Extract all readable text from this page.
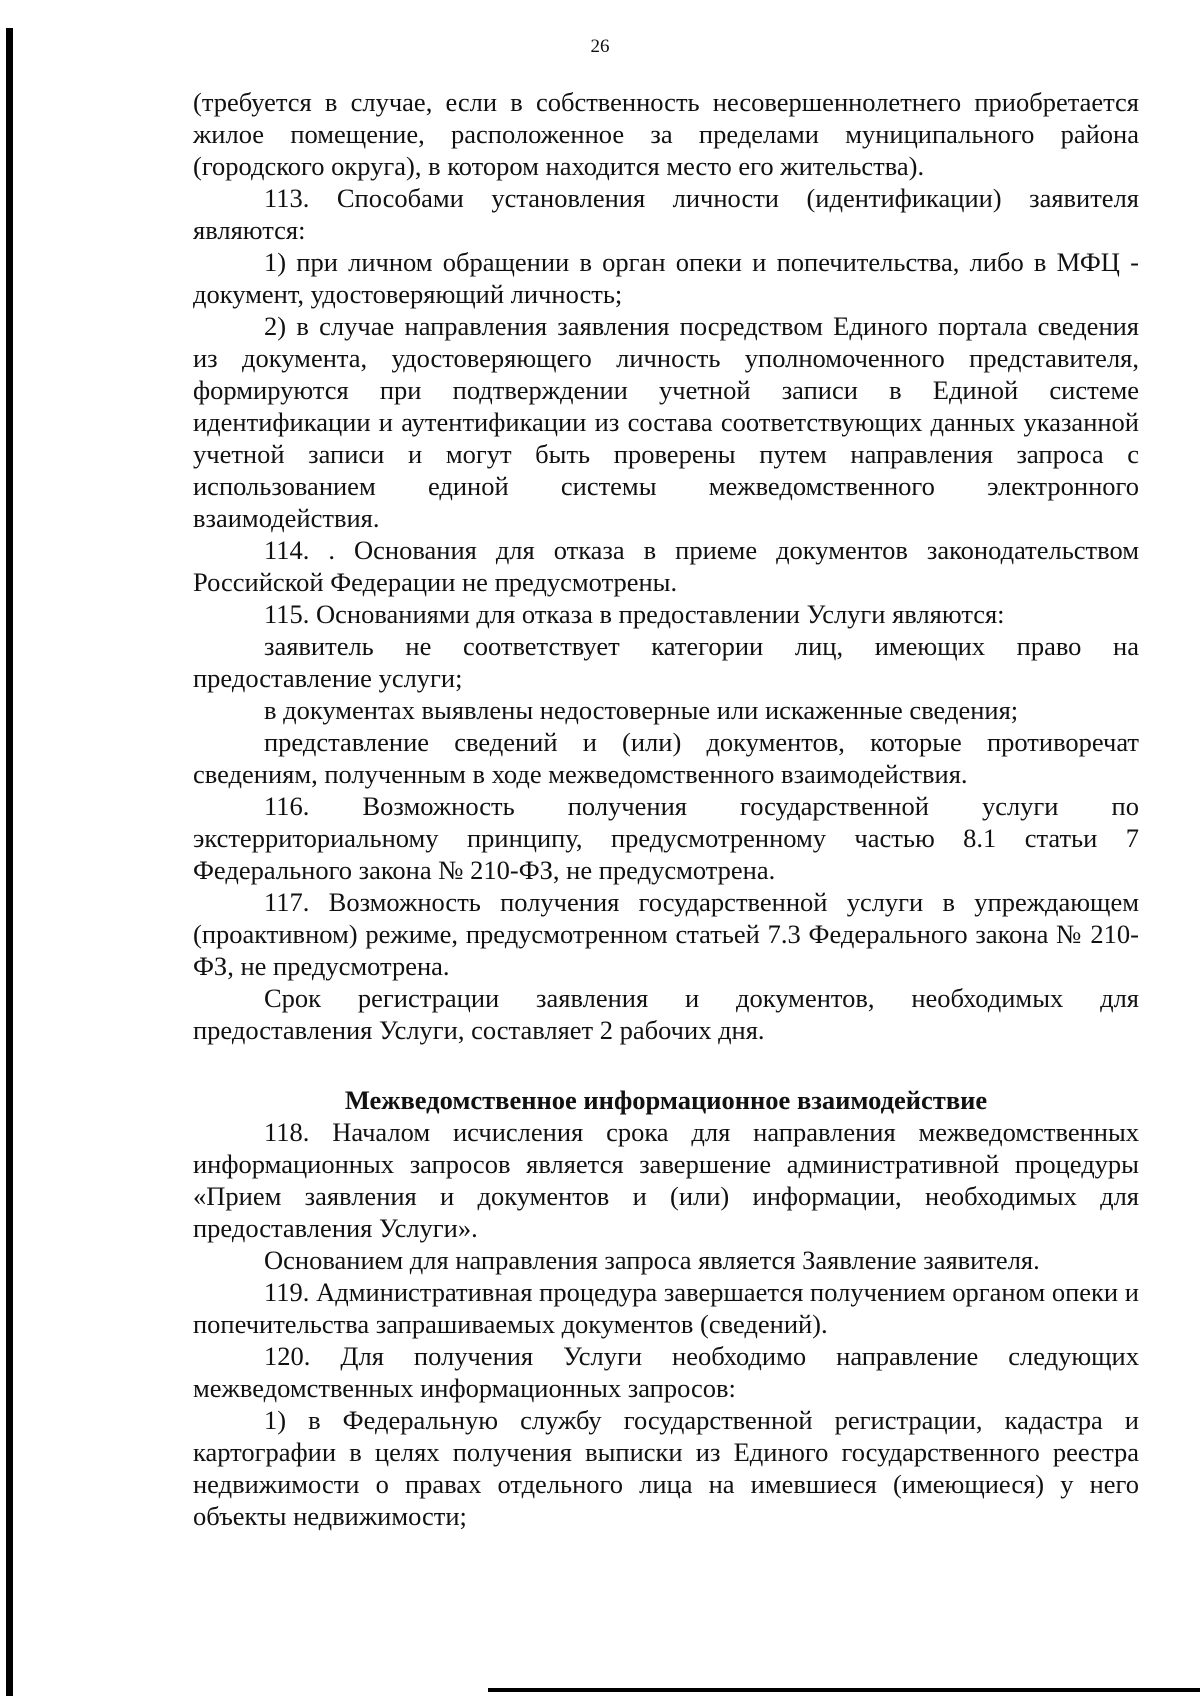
26

(требуется в случае, если в собственность несовершеннолетнего приобретается жилое помещение, расположенное за пределами муниципального района (городского округа), в котором находится место его жительства).

113. Способами установления личности (идентификации) заявителя являются:

1) при личном обращении в орган опеки и попечительства, либо в МФЦ - документ, удостоверяющий личность;

2) в случае направления заявления посредством Единого портала сведения из документа, удостоверяющего личность уполномоченного представителя, формируются при подтверждении учетной записи в Единой системе идентификации и аутентификации из состава соответствующих данных указанной учетной записи и могут быть проверены путем направления запроса с использованием единой системы межведомственного электронного взаимодействия.

114. . Основания для отказа в приеме документов законодательством Российской Федерации не предусмотрены.

115. Основаниями для отказа в предоставлении Услуги являются:

заявитель не соответствует категории лиц, имеющих право на предоставление услуги;

в документах выявлены недостоверные или искаженные сведения;

представление сведений и (или) документов, которые противоречат сведениям, полученным в ходе межведомственного взаимодействия.

116. Возможность получения государственной услуги по экстерриториальному принципу, предусмотренному частью 8.1 статьи 7 Федерального закона № 210-ФЗ, не предусмотрена.

117. Возможность получения государственной услуги в упреждающем (проактивном) режиме, предусмотренном статьей 7.3 Федерального закона № 210-ФЗ, не предусмотрена.

Срок регистрации заявления и документов, необходимых для предоставления Услуги, составляет 2 рабочих дня.

Межведомственное информационное взаимодействие

118. Началом исчисления срока для направления межведомственных информационных запросов является завершение административной процедуры «Прием заявления и документов и (или) информации, необходимых для предоставления Услуги».

Основанием для направления запроса является Заявление заявителя.

119. Административная процедура завершается получением органом опеки и попечительства запрашиваемых документов (сведений).

120. Для получения Услуги необходимо направление следующих межведомственных информационных запросов:

1) в Федеральную службу государственной регистрации, кадастра и картографии в целях получения выписки из Единого государственного реестра недвижимости о правах отдельного лица на имевшиеся (имеющиеся) у него объекты недвижимости;
